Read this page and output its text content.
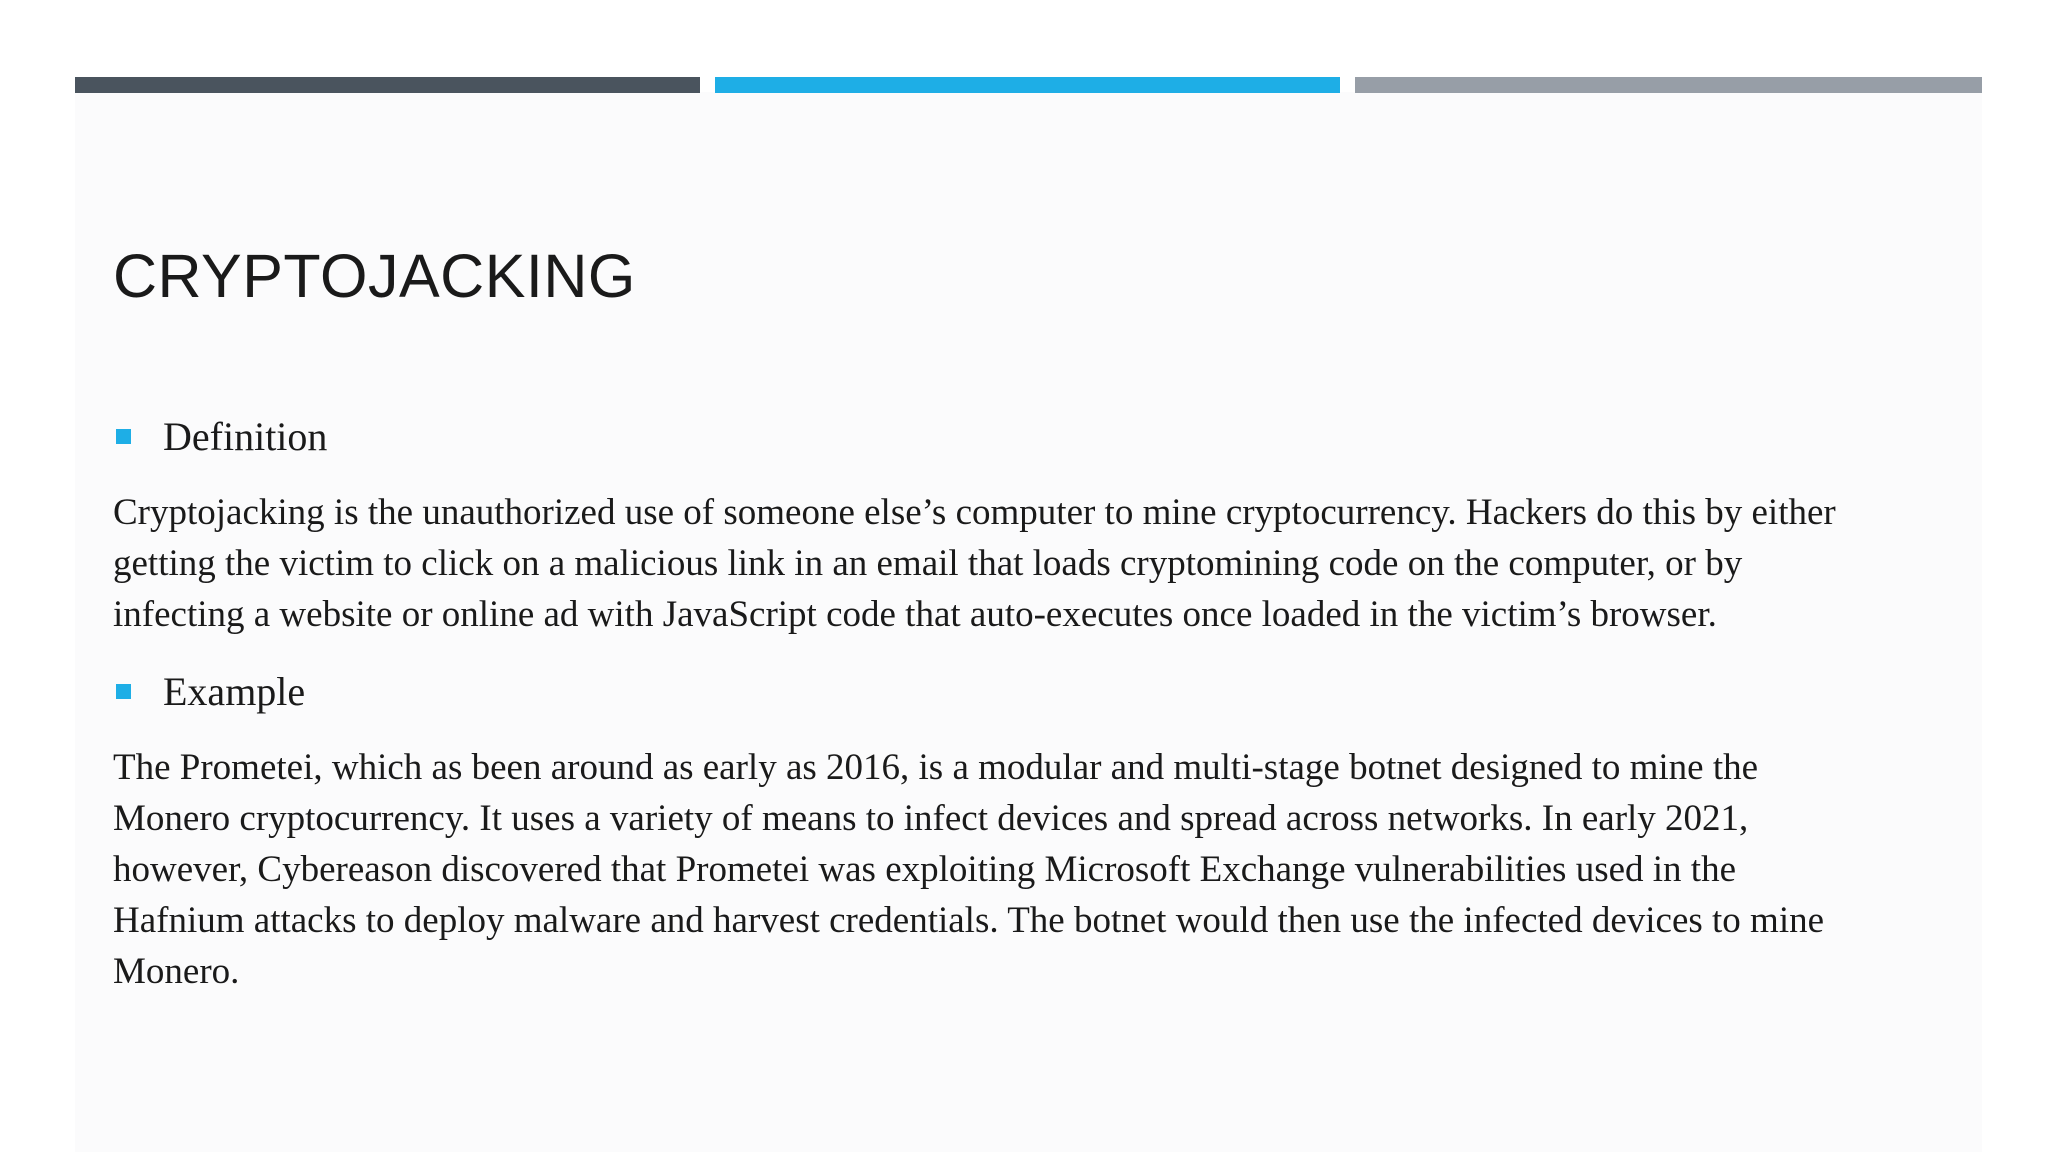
CRYPTOJACKING
Definition

Cryptojacking is the unauthorized use of someone else’s computer to mine cryptocurrency. Hackers do this by either
getting the victim to click on a malicious link in an email that loads cryptomining code on the computer, or by
infecting a website or online ad with JavaScript code that auto-executes once loaded in the victim’s browser.

Example

The Prometei, which as been around as early as 2016, is a modular and multi-stage botnet designed to mine the
Monero cryptocurrency. It uses a variety of means to infect devices and spread across networks. In early 2021,
however, Cybereason discovered that Prometei was exploiting Microsoft Exchange vulnerabilities used in the
Hafnium attacks to deploy malware and harvest credentials. The botnet would then use the infected devices to mine
Monero.
